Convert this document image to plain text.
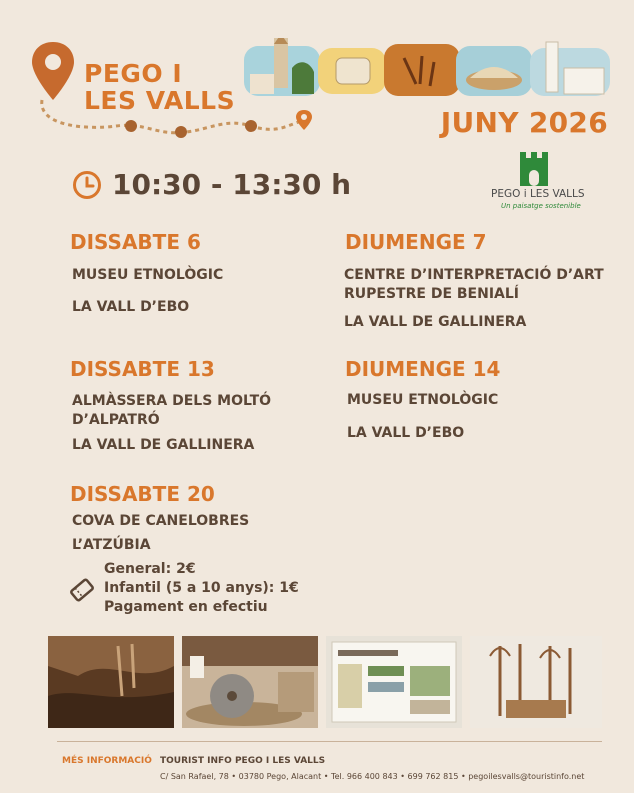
PEGO I
LES VALLS
JUNY 2026
10:30 - 13:30 h	PEGO i LES VALLS
Un paisatge sostenible
DISSABTE 6
MUSEU ETNOLÒGIC
LA VALL D’EBO
DISSABTE 13
ALMÀSSERA DELS MOLTÓ
D’ALPATRÓ
LA VALL DE GALLINERA
DISSABTE 20
COVA DE CANELOBRES
L’ATZÚBIA
DIUMENGE 7
CENTRE D’INTERPRETACIÓ D’ART
RUPESTRE DE BENIALÍ
LA VALL DE GALLINERA
DIUMENGE 14
MUSEU ETNOLÒGIC
LA VALL D’EBO
General: 2€
Infantil (5 a 10 anys): 1€
Pagament en efectiu
MÉS INFORMACIÓ TOURIST INFO PEGO I LES VALLS
C/ San Rafael, 78 • 03780 Pego, Alacant • Tel. 966 400 843 • 699 762 815 • pegoilesvalls@touristinfo.net
